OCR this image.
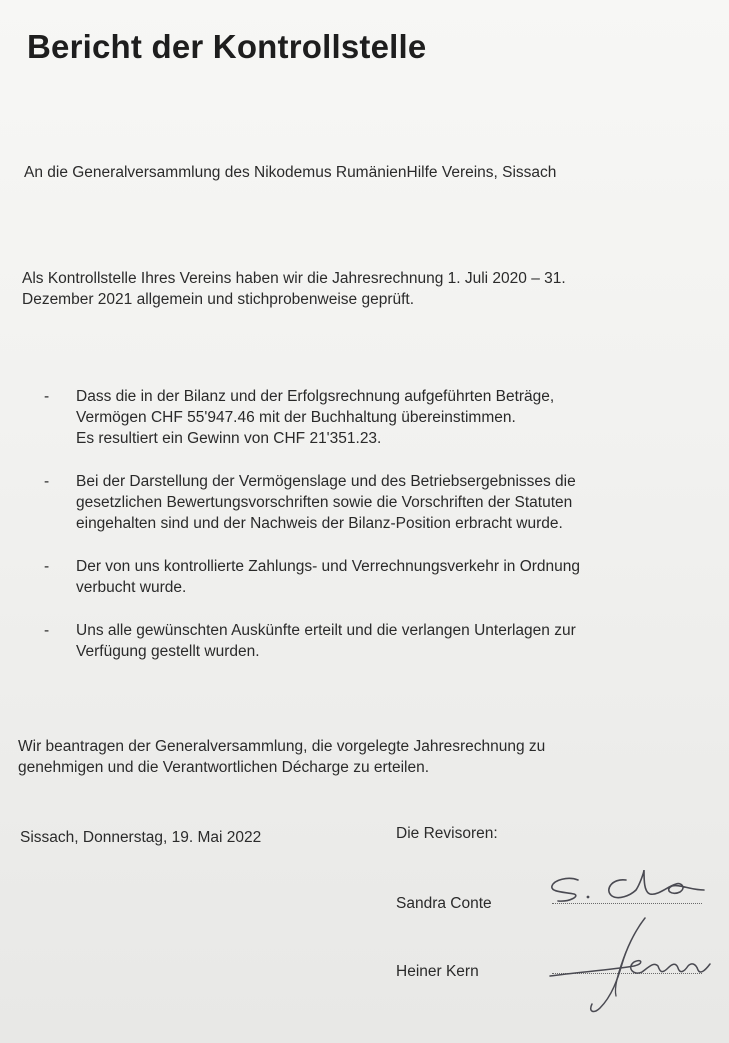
Bericht der Kontrollstelle
An die Generalversammlung des Nikodemus RumänienHilfe Vereins, Sissach
Als Kontrollstelle Ihres Vereins haben wir die Jahresrechnung 1. Juli 2020 – 31.
Dezember 2021 allgemein und stichprobenweise geprüft.
- Dass die in der Bilanz und der Erfolgsrechnung aufgeführten Beträge,
Vermögen CHF 55'947.46 mit der Buchhaltung übereinstimmen.
Es resultiert ein Gewinn von CHF 21'351.23.
- Bei der Darstellung der Vermögenslage und des Betriebsergebnisses die
gesetzlichen Bewertungsvorschriften sowie die Vorschriften der Statuten
eingehalten sind und der Nachweis der Bilanz-Position erbracht wurde.
- Der von uns kontrollierte Zahlungs- und Verrechnungsverkehr in Ordnung
verbucht wurde.
- Uns alle gewünschten Auskünfte erteilt und die verlangen Unterlagen zur
Verfügung gestellt wurden.
Wir beantragen der Generalversammlung, die vorgelegte Jahresrechnung zu
genehmigen und die Verantwortlichen Décharge zu erteilen.
Sissach, Donnerstag, 19. Mai 2022	Die Revisoren:
Sandra Conte
Heiner Kern
